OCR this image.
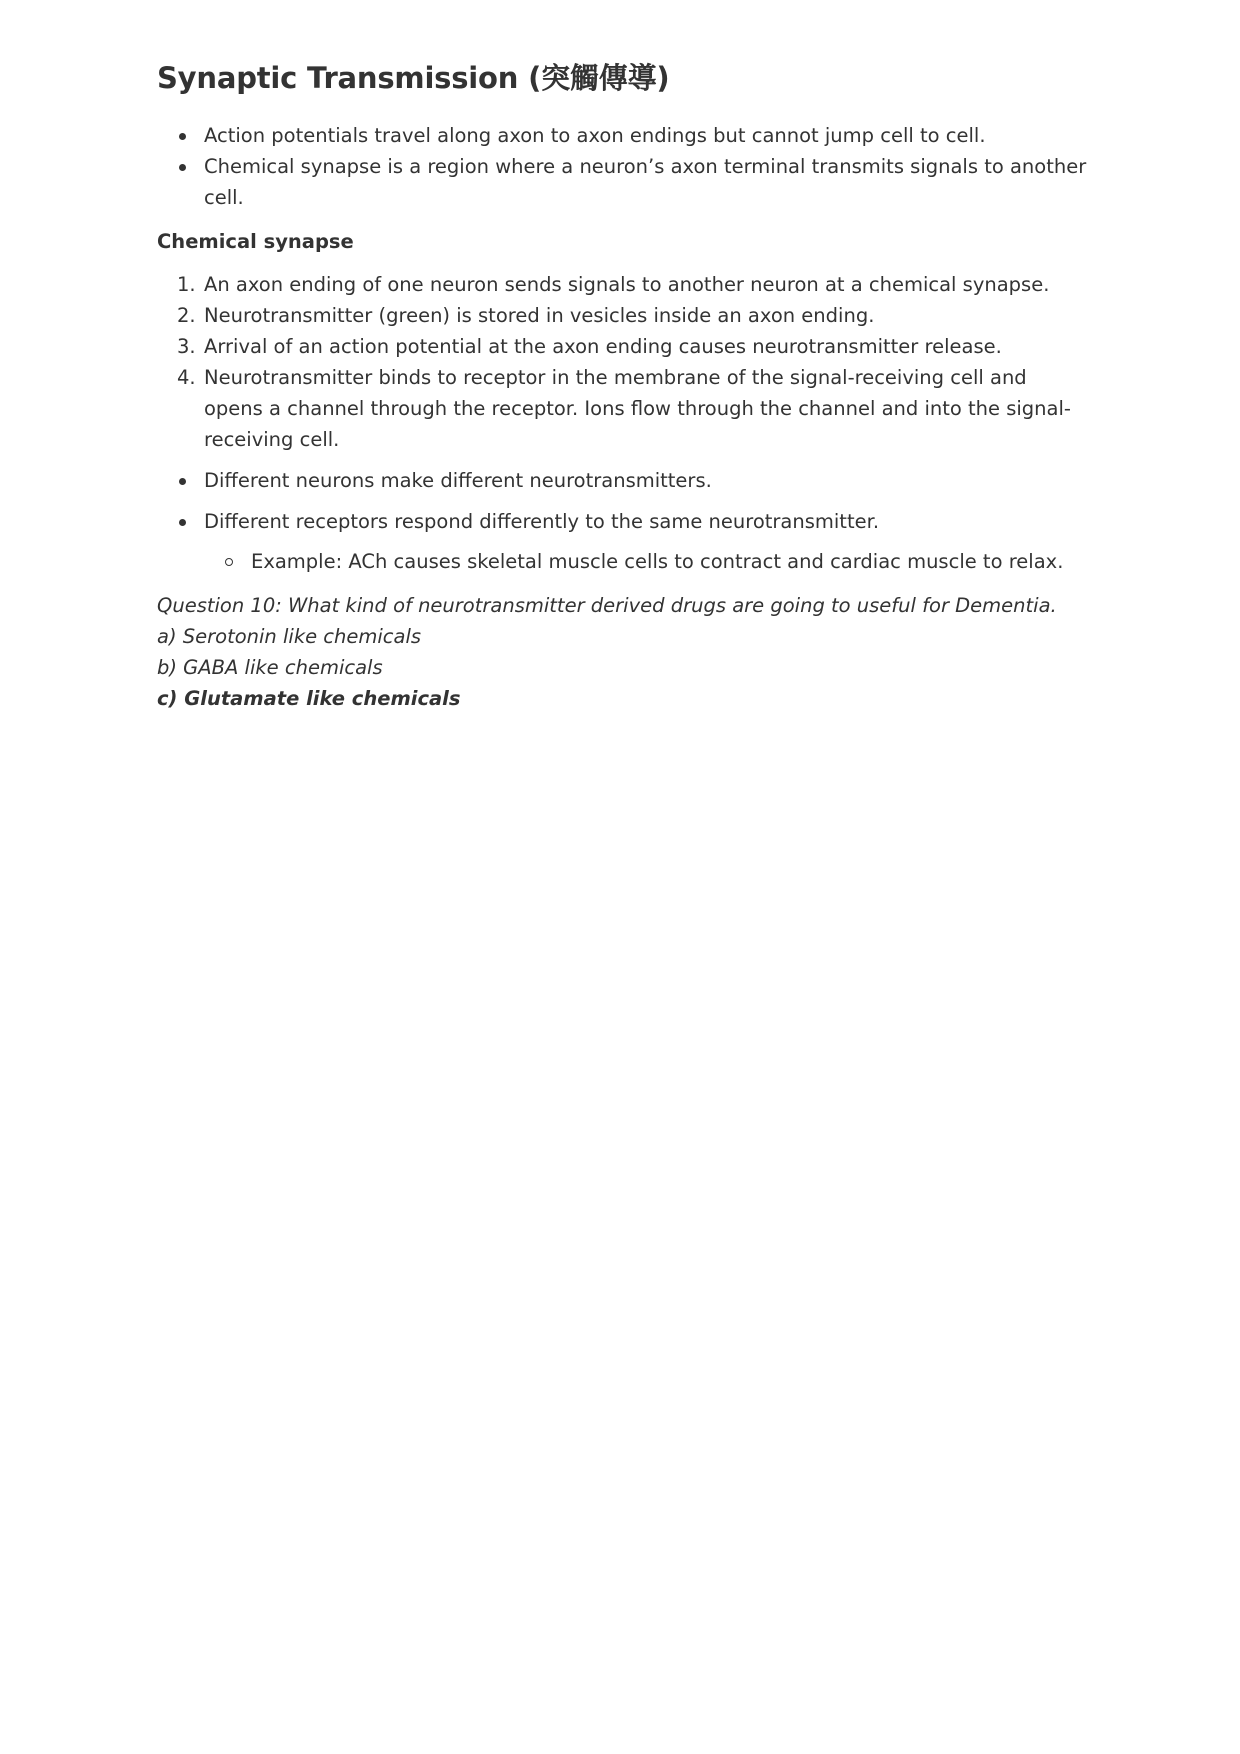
Synaptic Transmission (突觸傳導)
Action potentials travel along axon to axon endings but cannot jump cell to cell.
Chemical synapse is a region where a neuron’s axon terminal transmits signals to another cell.
Chemical synapse
1. An axon ending of one neuron sends signals to another neuron at a chemical synapse.
2. Neurotransmitter (green) is stored in vesicles inside an axon ending.
3. Arrival of an action potential at the axon ending causes neurotransmitter release.
4. Neurotransmitter binds to receptor in the membrane of the signal-receiving cell and opens a channel through the receptor. Ions flow through the channel and into the signal-receiving cell.
Different neurons make different neurotransmitters.
Different receptors respond differently to the same neurotransmitter.
Example: ACh causes skeletal muscle cells to contract and cardiac muscle to relax.
Question 10: What kind of neurotransmitter derived drugs are going to useful for Dementia.
a) Serotonin like chemicals
b) GABA like chemicals
c) Glutamate like chemicals
